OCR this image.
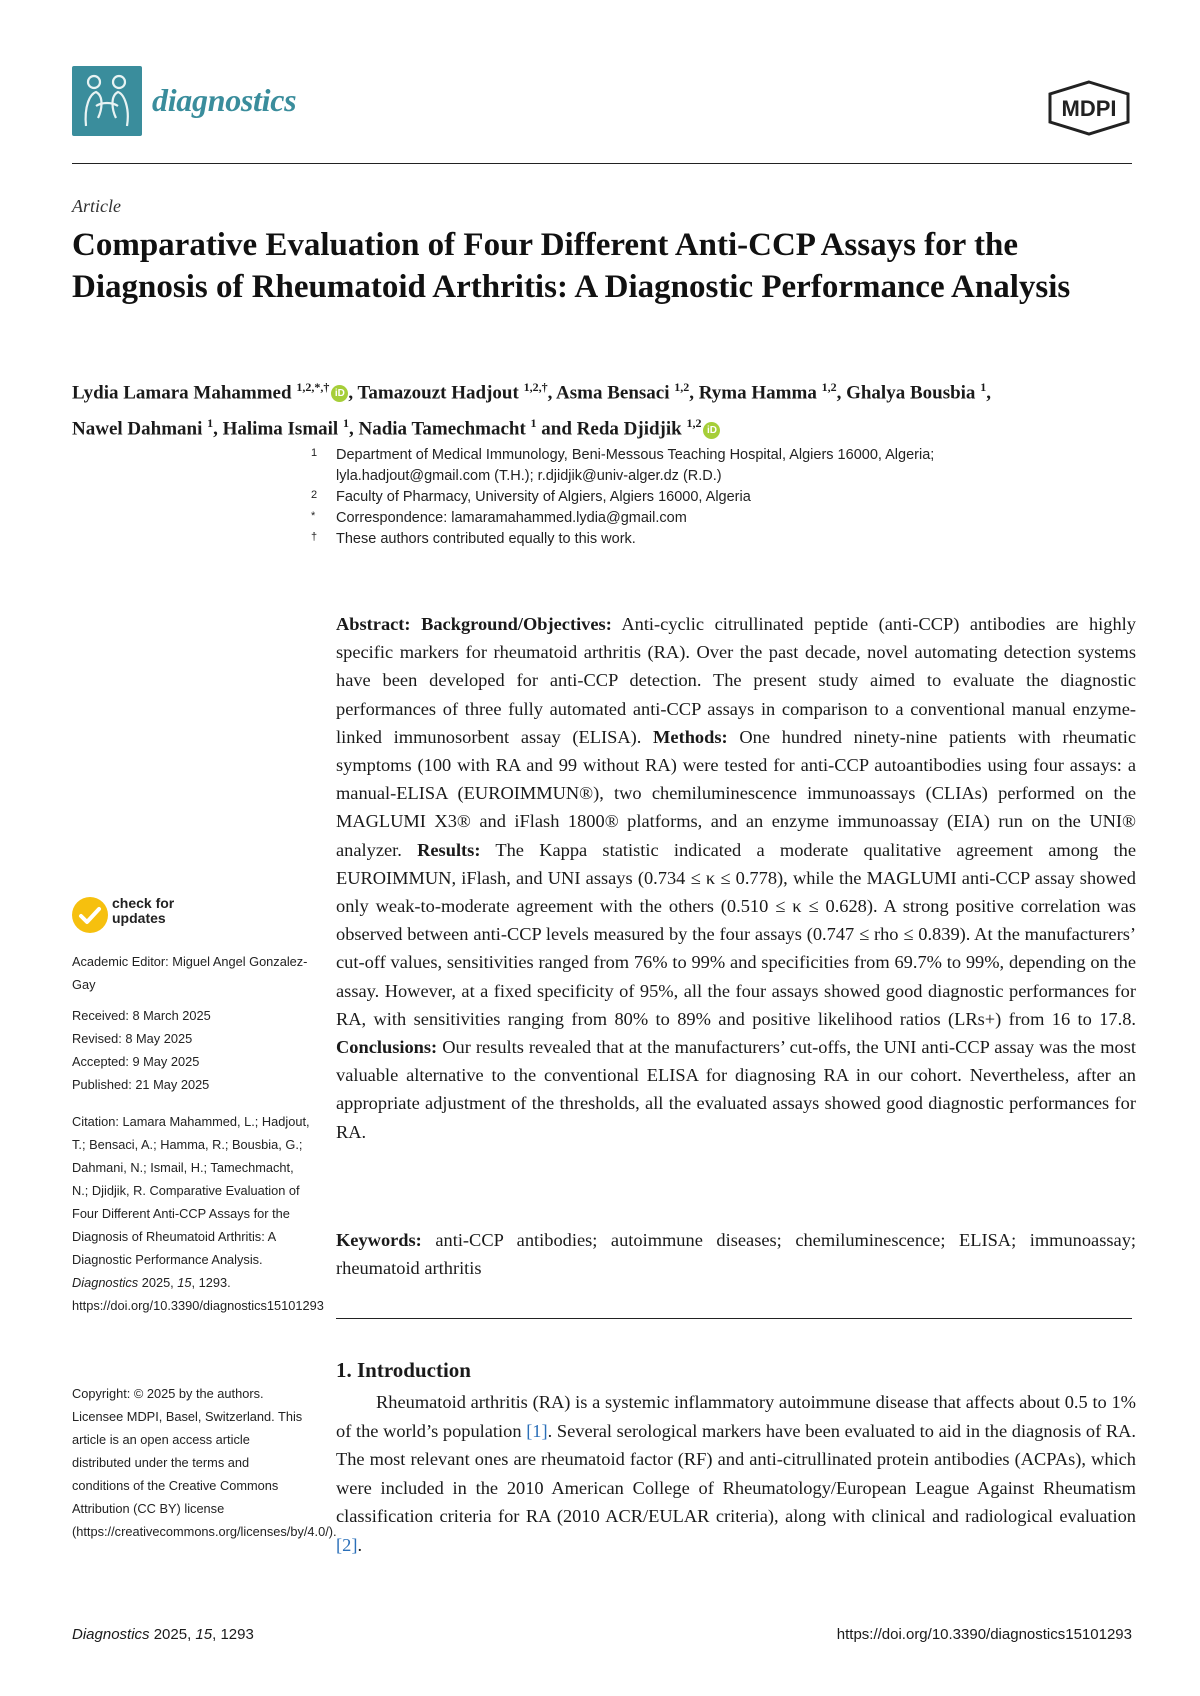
diagnostics	MDPI
Article
Comparative Evaluation of Four Different Anti-CCP Assays for the Diagnosis of Rheumatoid Arthritis: A Diagnostic Performance Analysis
Lydia Lamara Mahammed $^{1,2,*,\dagger}$ iD , Tamazouzt Hadjout $^{1,2,\dagger}$, Asma Bensaci $^{1,2}$, Ryma Hamma $^{1,2}$, Ghalya Bousbia $^1$,
Nawel Dahmani $^1$, Halima Ismail $^1$, Nadia Tamechmacht $^1$ and Reda Djidjik $^{1,2}$ iD
1 Department of Medical Immunology, Beni-Messous Teaching Hospital, Algiers 16000, Algeria;
lyla.hadjout@gmail.com (T.H.); r.djidjik@univ-alger.dz (R.D.)
2 Faculty of Pharmacy, University of Algiers, Algiers 16000, Algeria
* Correspondence: lamaramahammed.lydia@gmail.com
† These authors contributed equally to this work.
Abstract: Background/Objectives: Anti-cyclic citrullinated peptide (anti-CCP) antibodies are highly specific markers for rheumatoid arthritis (RA). Over the past decade, novel automating detection systems have been developed for anti-CCP detection. The present study aimed to evaluate the diagnostic performances of three fully automated anti-CCP assays in comparison to a conventional manual enzyme-linked immunosorbent assay (ELISA). Methods: One hundred ninety-nine patients with rheumatic symptoms (100 with RA and 99 without RA) were tested for anti-CCP autoantibodies using four assays: a manual-ELISA (EUROIMMUN®), two chemiluminescence immunoassays (CLIAs) performed on the MAGLUMI X3® and iFlash 1800® platforms, and an enzyme immunoassay (EIA) run on the UNI® analyzer. Results: The Kappa statistic indicated a moderate qualitative agreement among the EUROIMMUN, iFlash, and UNI assays (0.734 ≤ κ ≤ 0.778), while the MAGLUMI anti-CCP assay showed only weak-to-moderate agreement with the others (0.510 ≤ κ ≤ 0.628). A strong positive correlation was observed between anti-CCP levels measured by the four assays (0.747 ≤ rho ≤ 0.839). At the manufacturers’ cut-off values, sensitivities ranged from 76% to 99% and specificities from 69.7% to 99%, depending on the assay. However, at a fixed specificity of 95%, all the four assays showed good diagnostic performances for RA, with sensitivities ranging from 80% to 89% and positive likelihood ratios (LRs+) from 16 to 17.8. Conclusions: Our results revealed that at the manufacturers’ cut-offs, the UNI anti-CCP assay was the most valuable alternative to the conventional ELISA for diagnosing RA in our cohort. Nevertheless, after an appropriate adjustment of the thresholds, all the evaluated assays showed good diagnostic performances for RA.
Keywords: anti-CCP antibodies; autoimmune diseases; chemiluminescence; ELISA; immunoassay; rheumatoid arthritis
1. Introduction
Rheumatoid arthritis (RA) is a systemic inflammatory autoimmune disease that affects about 0.5 to 1% of the world’s population [1]. Several serological markers have been evaluated to aid in the diagnosis of RA. The most relevant ones are rheumatoid factor (RF) and anti-citrullinated protein antibodies (ACPAs), which were included in the 2010 American College of Rheumatology/European League Against Rheumatism classification criteria for RA (2010 ACR/EULAR criteria), along with clinical and radiological evaluation [2].
check for
updates
Academic Editor: Miguel Angel Gonzalez-Gay
Received: 8 March 2025
Revised: 8 May 2025
Accepted: 9 May 2025
Published: 21 May 2025
Citation: Lamara Mahammed, L.; Hadjout, T.; Bensaci, A.; Hamma, R.; Bousbia, G.; Dahmani, N.; Ismail, H.; Tamechmacht, N.; Djidjik, R. Comparative Evaluation of Four Different Anti-CCP Assays for the Diagnosis of Rheumatoid Arthritis: A Diagnostic Performance Analysis. Diagnostics 2025, 15, 1293. https://doi.org/10.3390/diagnostics15101293
Copyright: © 2025 by the authors. Licensee MDPI, Basel, Switzerland. This article is an open access article distributed under the terms and conditions of the Creative Commons Attribution (CC BY) license (https://creativecommons.org/licenses/by/4.0/).
Diagnostics 2025, 15, 1293	https://doi.org/10.3390/diagnostics15101293
